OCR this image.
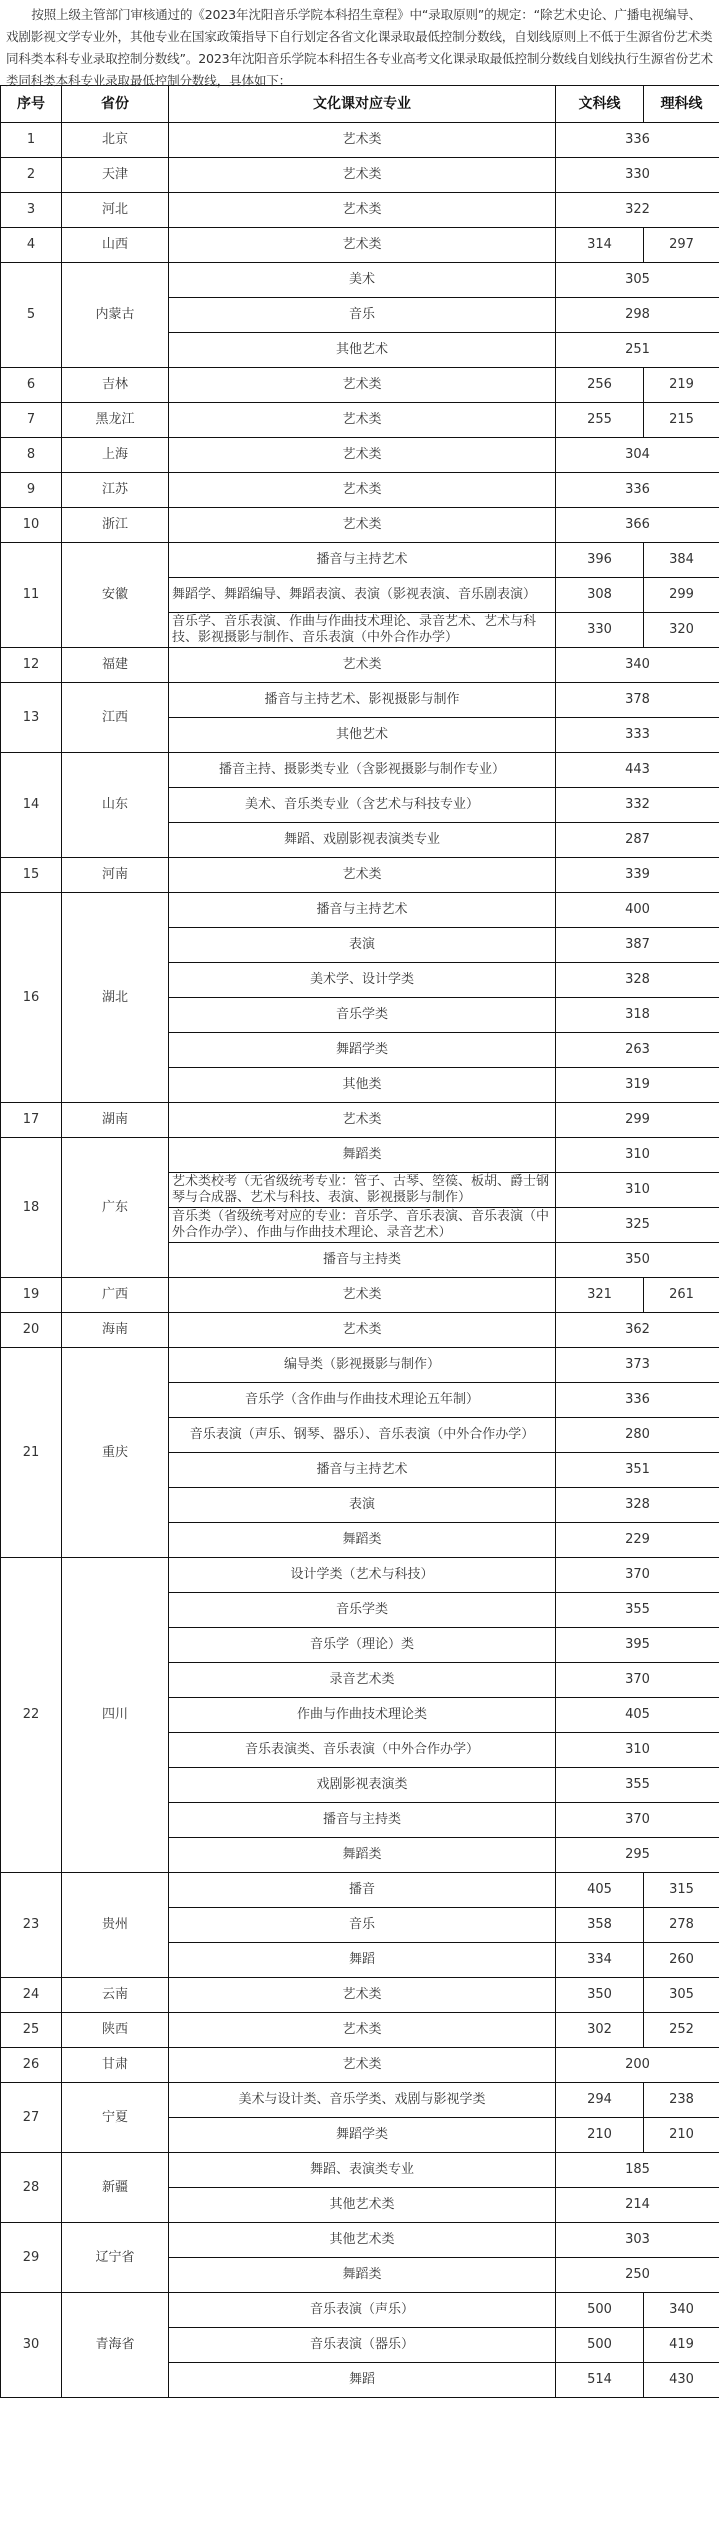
按照上级主管部门审核通过的《2023年沈阳音乐学院本科招生章程》中“录取原则”的规定：“除艺术史论、广播电视编导、戏剧影视文学专业外，其他专业在国家政策指导下自行划定各省文化课录取最低控制分数线，自划线原则上不低于生源省份艺术类同科类本科专业录取控制分数线”。2023年沈阳音乐学院本科招生各专业高考文化课录取最低控制分数线自划线执行生源省份艺术类同科类本科专业录取最低控制分数线，具体如下：
序号	省份	文化课对应专业	文科线	理科线
1	北京	艺术类	336	
2	天津	艺术类	330	
3	河北	艺术类	322	
4	山西	艺术类	314	297
5	内蒙古	美术	305	
		音乐	298	
		其他艺术	251	
6	吉林	艺术类	256	219
7	黑龙江	艺术类	255	215
8	上海	艺术类	304	
9	江苏	艺术类	336	
10	浙江	艺术类	366	
11	安徽	播音与主持艺术	396	384
		舞蹈学、舞蹈编导、舞蹈表演、表演（影视表演、音乐剧表演）	308	299
		音乐学、音乐表演、作曲与作曲技术理论、录音艺术、艺术与科技、影视摄影与制作、音乐表演（中外合作办学）	330	320
12	福建	艺术类	340	
13	江西	播音与主持艺术、影视摄影与制作	378	
		其他艺术	333	
14	山东	播音主持、摄影类专业（含影视摄影与制作专业）	443	
		美术、音乐类专业（含艺术与科技专业）	332	
		舞蹈、戏剧影视表演类专业	287	
15	河南	艺术类	339	
16	湖北	播音与主持艺术	400	
		表演	387	
		美术学、设计学类	328	
		音乐学类	318	
		舞蹈学类	263	
		其他类	319	
17	湖南	艺术类	299	
18	广东	舞蹈类	310	
		艺术类校考（无省级统考专业：管子、古琴、箜篌、板胡、爵士钢琴与合成器、艺术与科技、表演、影视摄影与制作）	310	
		音乐类（省级统考对应的专业：音乐学、音乐表演、音乐表演（中外合作办学）、作曲与作曲技术理论、录音艺术）	325	
		播音与主持类	350	
19	广西	艺术类	321	261
20	海南	艺术类	362	
21	重庆	编导类（影视摄影与制作）	373	
		音乐学（含作曲与作曲技术理论五年制）	336	
		音乐表演（声乐、钢琴、器乐）、音乐表演（中外合作办学）	280	
		播音与主持艺术	351	
		表演	328	
		舞蹈类	229	
22	四川	设计学类（艺术与科技）	370	
		音乐学类	355	
		音乐学（理论）类	395	
		录音艺术类	370	
		作曲与作曲技术理论类	405	
		音乐表演类、音乐表演（中外合作办学）	310	
		戏剧影视表演类	355	
		播音与主持类	370	
		舞蹈类	295	
23	贵州	播音	405	315
		音乐	358	278
		舞蹈	334	260
24	云南	艺术类	350	305
25	陕西	艺术类	302	252
26	甘肃	艺术类	200	
27	宁夏	美术与设计类、音乐学类、戏剧与影视学类	294	238
		舞蹈学类	210	210
28	新疆	舞蹈、表演类专业	185	
		其他艺术类	214	
29	辽宁省	其他艺术类	303	
		舞蹈类	250	
30	青海省	音乐表演（声乐）	500	340
		音乐表演（器乐）	500	419
		舞蹈	514	430
